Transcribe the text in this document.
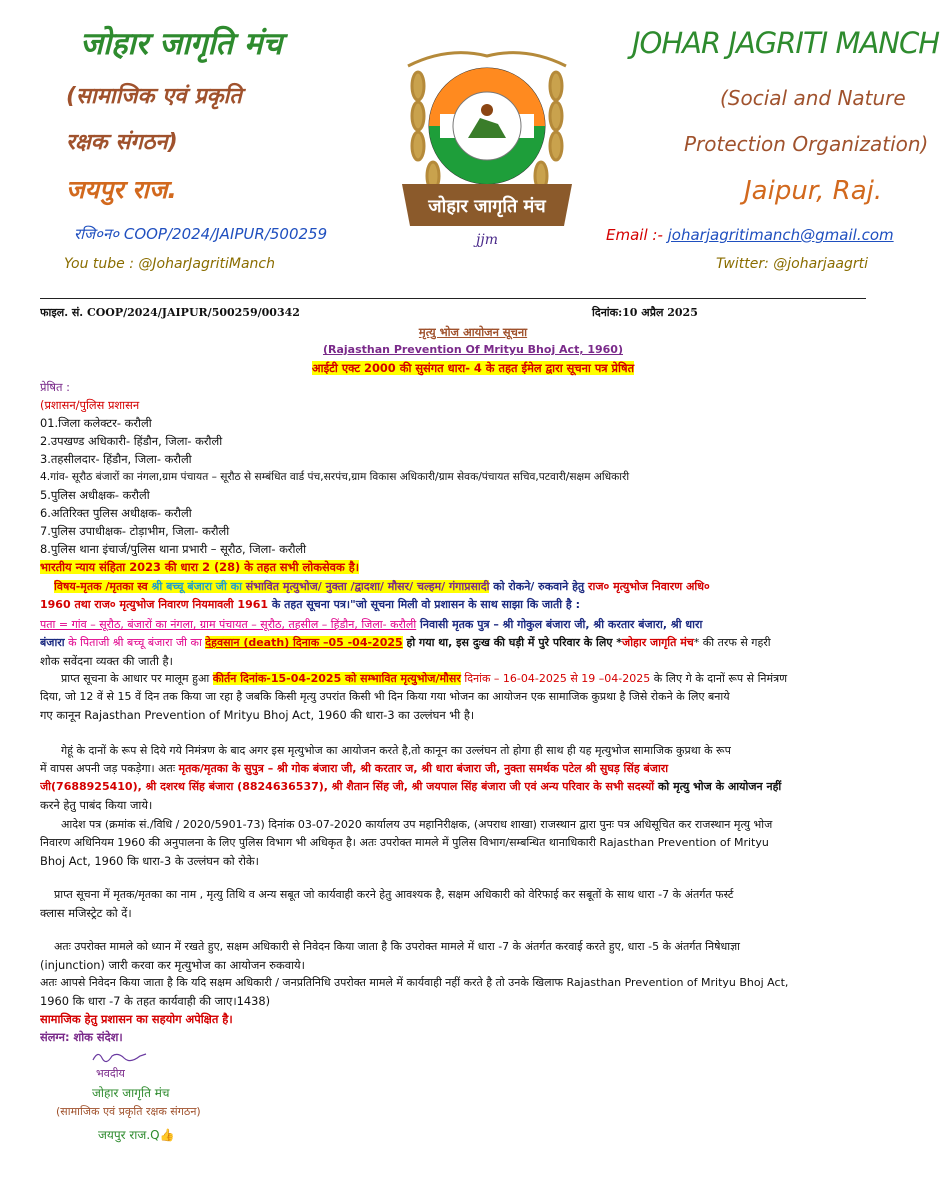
जोहार जागृति मंच
(सामाजिक एवं प्रकृति
रक्षक संगठन)
जयपुर राज.
रजि०न० COOP/2024/JAIPUR/500259
You tube : @JoharJagritiManch
जोहार जागृति मंच
jjm
JOHAR JAGRITI MANCH
(Social and Nature
Protection Organization)
Jaipur, Raj.
Email :- joharjagritimanch@gmail.com
Twitter: @joharjaagrti
फाइल. सं. COOP/2024/JAIPUR/500259/00342	दिनांक:10 अप्रैल 2025
मृत्यु भोज आयोजन सूचना
(Rajasthan Prevention Of Mrityu Bhoj Act, 1960)
आईटी एक्ट 2000 की सुसंगत धारा- 4 के तहत ईमेल द्वारा सूचना पत्र प्रेषित
प्रेषित :
(प्रशासन/पुलिस प्रशासन
01.जिला कलेक्टर- करौली
2.उपखण्ड अधिकारी- हिंडौन, जिला- करौली
3.तहसीलदार- हिंडौन, जिला- करौली
4.गांव- सूरौठ बंजारों का नंगला,ग्राम पंचायत – सूरौठ से सम्बंधित वार्ड पंच,सरपंच,ग्राम विकास अधिकारी/ग्राम सेवक/पंचायत सचिव,पटवारी/सक्षम अधिकारी
5.पुलिस अधीक्षक- करौली
6.अतिरिक्त पुलिस अधीक्षक- करौली
7.पुलिस उपाधीक्षक- टोड़ाभीम, जिला- करौली
8.पुलिस थाना इंचार्ज/पुलिस थाना प्रभारी – सूरौठ, जिला- करौली
भारतीय न्याय संहिता 2023 की धारा 2 (28) के तहत सभी लोकसेवक है।
विषय-मृतक /मृतका स्व श्री बच्चू बंजारा जी का संभावित मृत्युभोज/ नुक्ता /द्वादशा/ मौसर/ चल्हम/ गंगाप्रसादी को रोकने/ रुकवाने हेतु राज० मृत्युभोज निवारण अधि०
1960 तथा राज० मृत्युभोज निवारण नियमावली 1961 के तहत सूचना पत्र।"जो सूचना मिली वो प्रशासन के साथ साझा कि जाती है :
पता = गांव – सूरौठ, बंजारों का नंगला, ग्राम पंचायत – सूरौठ, तहसील – हिंडौन, जिला- करौली निवासी मृतक पुत्र – श्री गोकुल बंजारा जी, श्री करतार बंजारा, श्री धारा
बंजारा के पिताजी श्री बच्चू बंजारा जी का देहवसान (death) दिनाक –05 -04-2025 हो गया था, इस दुःख की घड़ी में पुरे परिवार के लिए *जोहार जागृति मंच* की तरफ से गहरी
शोक सवेंदना व्यक्त की जाती है।
प्राप्त सूचना के आधार पर मालूम हुआ कीर्तन दिनांक-15-04-2025 को सम्भावित मृत्युभोज/मौसर दिनांक – 16-04-2025 से 19 –04-2025 के लिए गे के दानों रूप से निमंत्रण
दिया, जो 12 वें से 15 वें दिन तक किया जा रहा है जबकि किसी मृत्यु उपरांत किसी भी दिन किया गया भोजन का आयोजन एक सामाजिक कुप्रथा है जिसे रोकने के लिए बनाये
गए कानून Rajasthan Prevention of Mrityu Bhoj Act, 1960 की धारा-3 का उल्लंघन भी है।
गेहूं के दानों के रूप से दिये गये निमंत्रण के बाद अगर इस मृत्युभोज का आयोजन करते है,तो कानून का उल्लंघन तो होगा ही साथ ही यह मृत्युभोज सामाजिक कुप्रथा के रूप
में वापस अपनी जड़ पकड़ेगा। अतः मृतक/मृतका के सुपुत्र – श्री गोक बंजारा जी, श्री करतार ज, श्री धारा बंजारा जी, नुक्ता समर्थक पटेल श्री सुघड़ सिंह बंजारा
जी(7688925410), श्री दशरथ सिंह बंजारा (8824636537), श्री शैतान सिंह जी, श्री जयपाल सिंह बंजारा जी एवं अन्य परिवार के सभी सदस्यों को मृत्यु भोज के आयोजन नहीं
करने हेतु पाबंद किया जाये।
आदेश पत्र (क्रमांक सं./विधि / 2020/5901-73) दिनांक 03-07-2020 कार्यालय उप महानिरीक्षक, (अपराध शाखा) राजस्थान द्वारा पुनः पत्र अधिसूचित कर राजस्थान मृत्यु भोज
निवारण अधिनियम 1960 की अनुपालना के लिए पुलिस विभाग भी अधिकृत है। अतः उपरोक्त मामले में पुलिस विभाग/सम्बन्धित थानाधिकारी Rajasthan Prevention of Mrityu
Bhoj Act, 1960 कि धारा-3 के उल्लंघन को रोके।
प्राप्त सूचना में मृतक/मृतका का नाम , मृत्यु तिथि व अन्य सबूत जो कार्यवाही करने हेतु आवश्यक है, सक्षम अधिकारी को वेरिफाई कर सबूतों के साथ धारा -7 के अंतर्गत फर्स्ट
क्लास मजिस्ट्रेट को दें।
अतः उपरोक्त मामले को ध्यान में रखते हुए, सक्षम अधिकारी से निवेदन किया जाता है कि उपरोक्त मामले में धारा -7 के अंतर्गत करवाई करते हुए, धारा -5 के अंतर्गत निषेधाज्ञा
(injunction) जारी करवा कर मृत्युभोज का आयोजन रुकवाये।
अतः आपसे निवेदन किया जाता है कि यदि सक्षम अधिकारी / जनप्रतिनिधि उपरोक्त मामले में कार्यवाही नहीं करते है तो उनके खिलाफ Rajasthan Prevention of Mrityu Bhoj Act,
1960 कि धारा -7 के तहत कार्यवाही की जाए।1438)
सामाजिक हेतु प्रशासन का सहयोग अपेक्षित है।
संलग्न: शोक संदेश।
भवदीय
जोहार जागृति मंच
(सामाजिक एवं प्रकृति रक्षक संगठन)
जयपुर राज.Q👍
